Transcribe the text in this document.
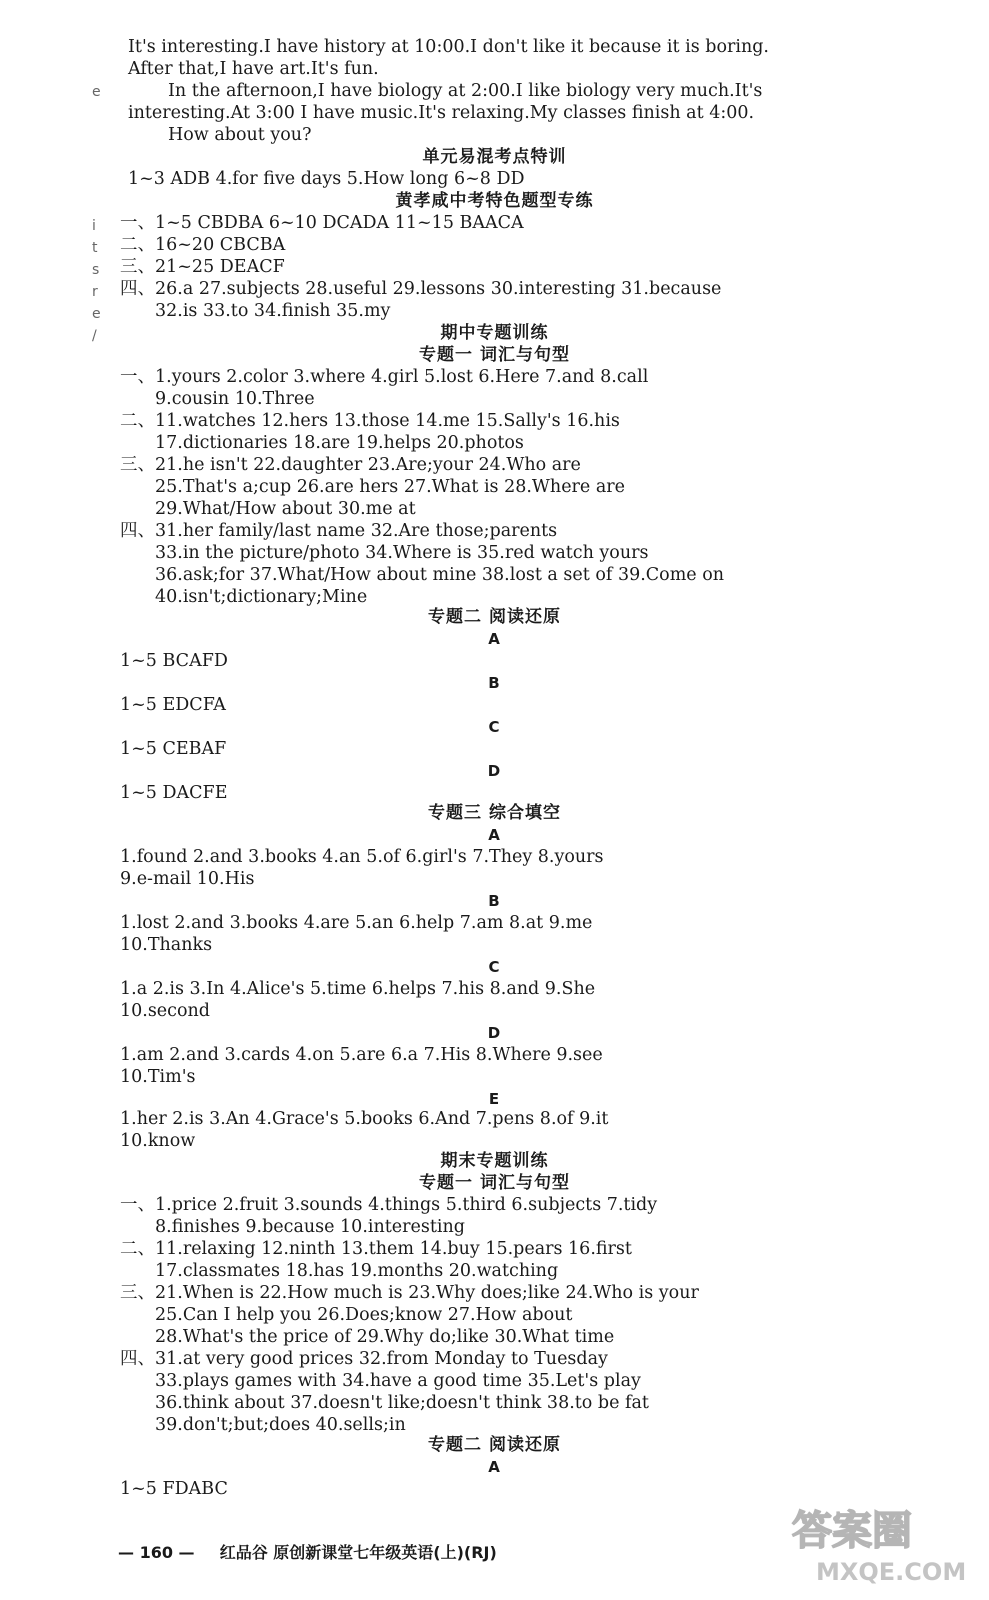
e
i
t
s
r
e
/
It's interesting.I have history at 10:00.I don't like it because it is boring.
After that,I have art.It's fun.
In the afternoon,I have biology at 2:00.I like biology very much.It's
interesting.At 3:00 I have music.It's relaxing.My classes finish at 4:00.
How about you?
单元易混考点特训
1~3 ADB 4.for five days 5.How long 6~8 DD
黄孝咸中考特色题型专练
一、1~5 CBDBA 6~10 DCADA 11~15 BAACA
二、16~20 CBCBA
三、21~25 DEACF
四、26.a 27.subjects 28.useful 29.lessons 30.interesting 31.because
32.is 33.to 34.finish 35.my
期中专题训练
专题一 词汇与句型
一、1.yours 2.color 3.where 4.girl 5.lost 6.Here 7.and 8.call
9.cousin 10.Three
二、11.watches 12.hers 13.those 14.me 15.Sally's 16.his
17.dictionaries 18.are 19.helps 20.photos
三、21.he isn't 22.daughter 23.Are;your 24.Who are
25.That's a;cup 26.are hers 27.What is 28.Where are
29.What/How about 30.me at
四、31.her family/last name 32.Are those;parents
33.in the picture/photo 34.Where is 35.red watch yours
36.ask;for 37.What/How about mine 38.lost a set of 39.Come on
40.isn't;dictionary;Mine
专题二 阅读还原
A
1~5 BCAFD
B
1~5 EDCFA
C
1~5 CEBAF
D
1~5 DACFE
专题三 综合填空
A
1.found 2.and 3.books 4.an 5.of 6.girl's 7.They 8.yours
9.e-mail 10.His
B
1.lost 2.and 3.books 4.are 5.an 6.help 7.am 8.at 9.me
10.Thanks
C
1.a 2.is 3.In 4.Alice's 5.time 6.helps 7.his 8.and 9.She
10.second
D
1.am 2.and 3.cards 4.on 5.are 6.a 7.His 8.Where 9.see
10.Tim's
E
1.her 2.is 3.An 4.Grace's 5.books 6.And 7.pens 8.of 9.it
10.know
期末专题训练
专题一 词汇与句型
一、1.price 2.fruit 3.sounds 4.things 5.third 6.subjects 7.tidy
8.finishes 9.because 10.interesting
二、11.relaxing 12.ninth 13.them 14.buy 15.pears 16.first
17.classmates 18.has 19.months 20.watching
三、21.When is 22.How much is 23.Why does;like 24.Who is your
25.Can I help you 26.Does;know 27.How about
28.What's the price of 29.Why do;like 30.What time
四、31.at very good prices 32.from Monday to Tuesday
33.plays games with 34.have a good time 35.Let's play
36.think about 37.doesn't like;doesn't think 38.to be fat
39.don't;but;does 40.sells;in
专题二 阅读还原
A
1~5 FDABC
— 160 — 红品谷 原创新课堂七年级英语(上)(RJ)	答案圈
MXQE.COM
